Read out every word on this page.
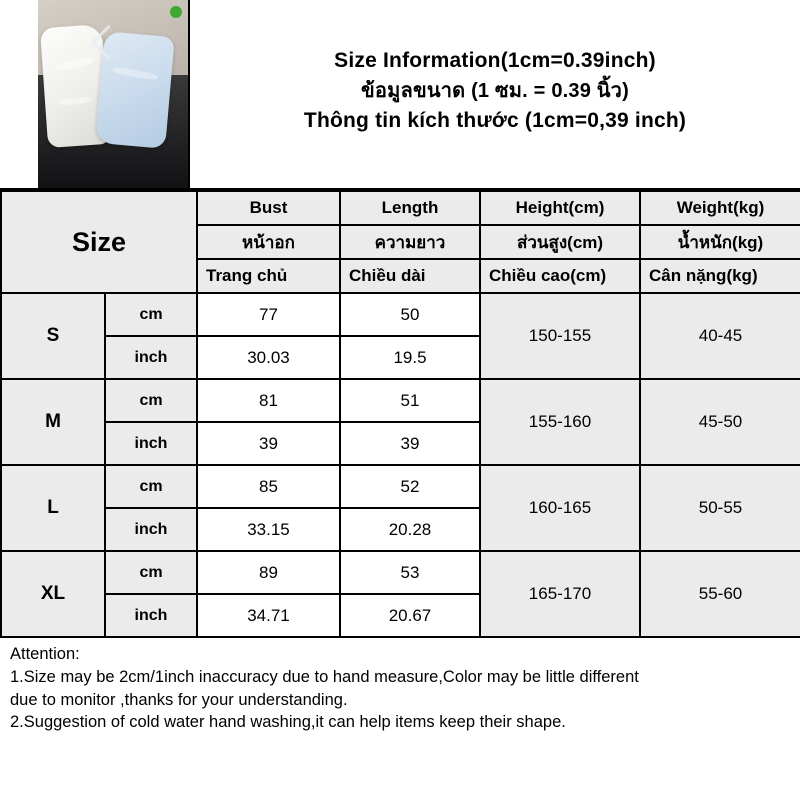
Size Information(1cm=0.39inch)
ข้อมูลขนาด (1 ซม. = 0.39 นิ้ว)
Thông tin kích thước (1cm=0,39 inch)
Size		Bust	Length	Height(cm)	Weight(kg)
		หน้าอก	ความยาว	ส่วนสูง(cm)	น้ำหนัก(kg)
		Trang chủ	Chiều dài	Chiều cao(cm)	Cân nặng(kg)
S	cm	77	50	150-155	40-45
	inch	30.03	19.5		
M	cm	81	51	155-160	45-50
	inch	39	39		
L	cm	85	52	160-165	50-55
	inch	33.15	20.28		
XL	cm	89	53	165-170	55-60
	inch	34.71	20.67		

Attention:

1.Size may be 2cm/1inch inaccuracy due to hand measure,Color may be little different

due to monitor ,thanks for your understanding.

2.Suggestion of cold water hand washing,it can help items keep their shape.
